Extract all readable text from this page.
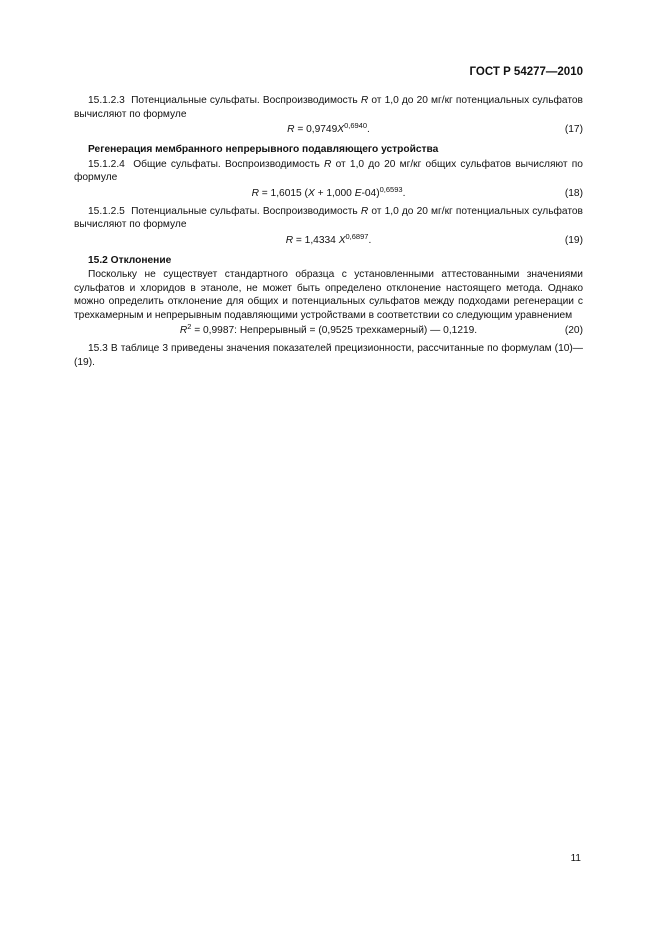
ГОСТ Р 54277—2010

15.1.2.3 Потенциальные сульфаты. Воспроизводимость R от 1,0 до 20 мг/кг потенциальных сульфатов вычисляют по формуле

$R = 0,9749X^{0,6940}$.	(17)

Регенерация мембранного непрерывного подавляющего устройства

15.1.2.4 Общие сульфаты. Воспроизводимость R от 1,0 до 20 мг/кг общих сульфатов вычисляют по формуле

R = 1,6015 (X + 1,000 E-04)$^{0,6593}$.	(18)

15.1.2.5 Потенциальные сульфаты. Воспроизводимость R от 1,0 до 20 мг/кг потенциальных сульфатов вычисляют по формуле

R = 1,4334 $X^{0,6897}$.	(19)

15.2 Отклонение

Поскольку не существует стандартного образца с установленными аттестованными значениями сульфатов и хлоридов в этаноле, не может быть определено отклонение настоящего метода. Однако можно определить отклонение для общих и потенциальных сульфатов между подходами регенерации с трехкамерным и непрерывным подавляющими устройствами в соответствии со следующим уравнением

$R^2 = 0,9987$: Непрерывный = (0,9525 трехкамерный) — 0,1219.	(20)

15.3 В таблице 3 приведены значения показателей прецизионности, рассчитанные по формулам (10)—(19).

11
